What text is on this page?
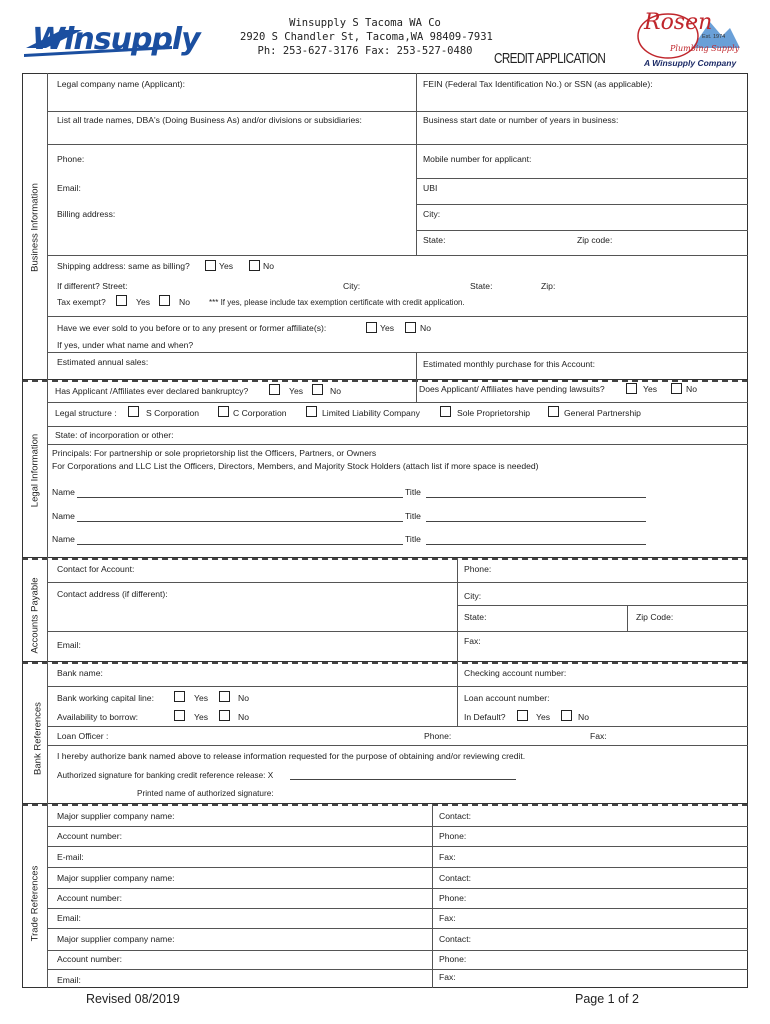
Winsupply	Winsupply S Tacoma WA Co
2920 S Chandler St, Tacoma,WA 98409-7931
Ph: 253-627-3176 Fax: 253-527-0480	CREDIT APPLICATION
Rosen
Est. 1974
Plumbing Supply
A Winsupply Company
Business Information
Legal company name (Applicant):	FEIN (Federal Tax Identification No.) or SSN (as applicable):
List all trade names, DBA's (Doing Business As) and/or divisions or subsidiaries:	Business start date or number of years in business:
Phone:	Mobile number for applicant:
Email:	UBI
Billing address:	City:
State:	Zip code:
Shipping address: same as billing?	Yes	No
If different? Street:	City:	State:	Zip:
Tax exempt?	Yes	No *** If yes, please include tax exemption certificate with credit application.
Have we ever sold to you before or to any present or former affiliate(s):	Yes	No
If yes, under what name and when?
Estimated annual sales:	Estimated monthly purchase for this Account:
Legal Information
Has Applicant /Affiliates ever declared bankruptcy?	Yes	No	Does Applicant/ Affiliates have pending lawsuits?	Yes	No
Legal structure :	S Corporation	C Corporation	Limited Liability Company	Sole Proprietorship	General Partnership
State: of incorporation or other:
Principals: For partnership or sole proprietorship list the Officers, Partners, or Owners
For Corporations and LLC List the Officers, Directors, Members, and Majority Stock Holders (attach list if more space is needed)
Name	Title
Name	Title
Name	Title
Accounts Payable
Contact for Account:	Phone:
Contact address (if different):	City:
State:	Zip Code:
Email:	Fax:
Bank References
Bank name:	Checking account number:
Bank working capital line:	Yes	No	Loan account number:
Availability to borrow:	Yes	No	In Default?	Yes	No
Loan Officer :	Phone:	Fax:
I hereby authorize bank named above to release information requested for the purpose of obtaining and/or reviewing credit.
Authorized signature for banking credit reference release: X
Printed name of authorized signature:
Trade References
Major supplier company name:	Contact:
Account number:	Phone:
E-mail:	Fax:
Major supplier company name:	Contact:
Account number:	Phone:
Email:	Fax:
Major supplier company name:	Contact:
Account number:	Phone:
Email:	Fax:
Revised 08/2019	Page 1 of 2
